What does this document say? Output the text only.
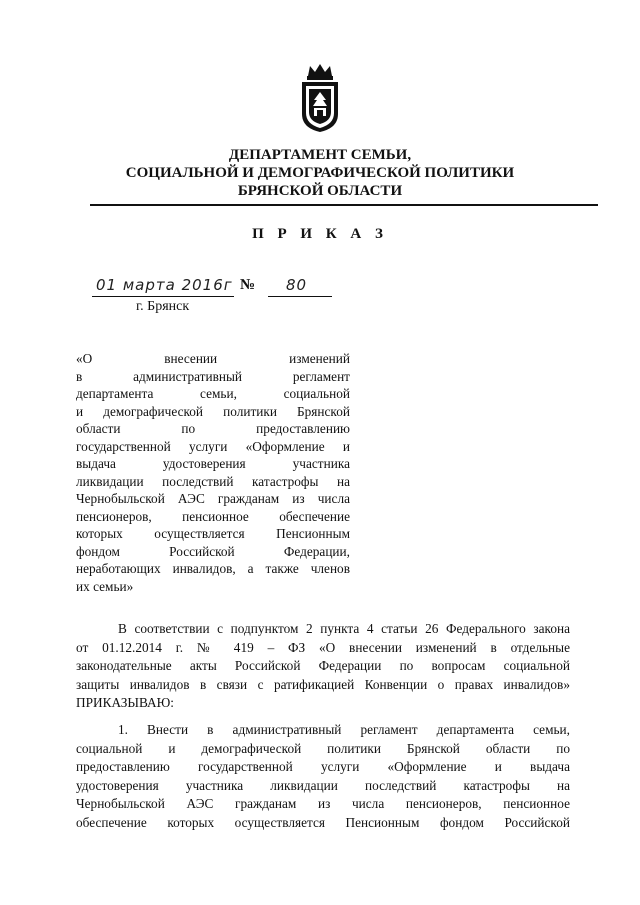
ДЕПАРТАМЕНТ СЕМЬИ,
СОЦИАЛЬНОЙ И ДЕМОГРАФИЧЕСКОЙ ПОЛИТИКИ
БРЯНСКОЙ ОБЛАСТИ
П Р И К А З
01 марта 2016г № 80
г. Брянск
«О внесении изменений
в административный регламент
департамента семьи, социальной
и демографической политики Брянской
области по предоставлению
государственной услуги «Оформление и
выдача удостоверения участника
ликвидации последствий катастрофы на
Чернобыльской АЭС гражданам из числа
пенсионеров, пенсионное обеспечение
которых осуществляется Пенсионным
фондом Российской Федерации,
неработающих инвалидов, а также членов
их семьи»
В соответствии с подпунктом 2 пункта 4 статьи 26 Федерального закона
от 01.12.2014 г. № 419 – ФЗ «О внесении изменений в отдельные
законодательные акты Российской Федерации по вопросам социальной
защиты инвалидов в связи с ратификацией Конвенции о правах инвалидов»
ПРИКАЗЫВАЮ:
1. Внести в административный регламент департамента семьи,
социальной и демографической политики Брянской области по
предоставлению государственной услуги «Оформление и выдача
удостоверения участника ликвидации последствий катастрофы на
Чернобыльской АЭС гражданам из числа пенсионеров, пенсионное
обеспечение которых осуществляется Пенсионным фондом Российской
